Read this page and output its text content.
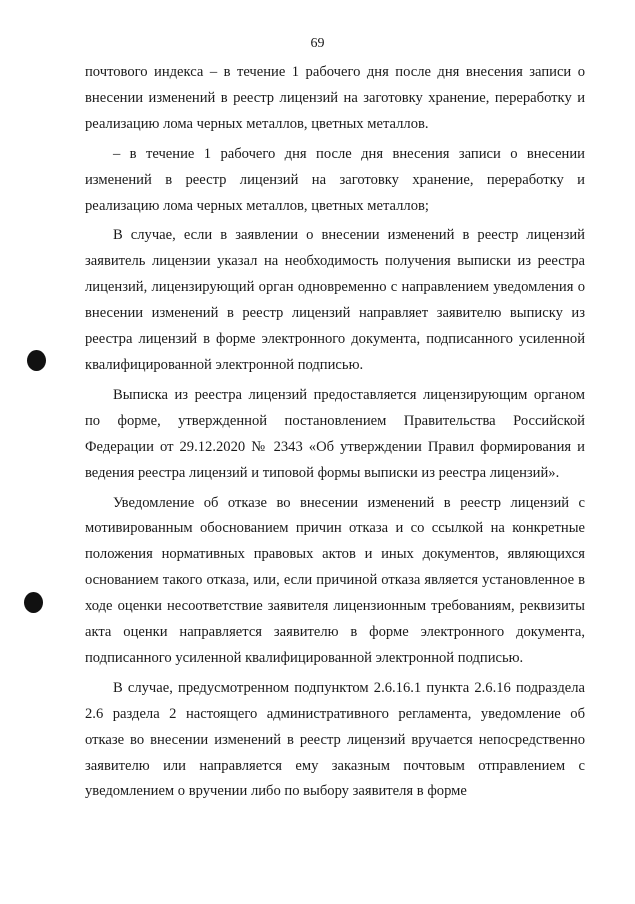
69

почтового индекса – в течение 1 рабочего дня после дня внесения записи о внесении изменений в реестр лицензий на заготовку хранение, переработку и реализацию лома черных металлов, цветных металлов.

– в течение 1 рабочего дня после дня внесения записи о внесении изменений в реестр лицензий на заготовку хранение, переработку и реализацию лома черных металлов, цветных металлов;

В случае, если в заявлении о внесении изменений в реестр лицензий заявитель лицензии указал на необходимость получения выписки из реестра лицензий, лицензирующий орган одновременно с направлением уведомления о внесении изменений в реестр лицензий направляет заявителю выписку из реестра лицензий в форме электронного документа, подписанного усиленной квалифицированной электронной подписью.

Выписка из реестра лицензий предоставляется лицензирующим органом по форме, утвержденной постановлением Правительства Российской Федерации от 29.12.2020 № 2343 «Об утверждении Правил формирования и ведения реестра лицензий и типовой формы выписки из реестра лицензий».

Уведомление об отказе во внесении изменений в реестр лицензий с мотивированным обоснованием причин отказа и со ссылкой на конкретные положения нормативных правовых актов и иных документов, являющихся основанием такого отказа, или, если причиной отказа является установленное в ходе оценки несоответствие заявителя лицензионным требованиям, реквизиты акта оценки направляется заявителю в форме электронного документа, подписанного усиленной квалифицированной электронной подписью.

В случае, предусмотренном подпунктом 2.6.16.1 пункта 2.6.16 подраздела 2.6 раздела 2 настоящего административного регламента, уведомление об отказе во внесении изменений в реестр лицензий вручается непосредственно заявителю или направляется ему заказным почтовым отправлением с уведомлением о вручении либо по выбору заявителя в форме
